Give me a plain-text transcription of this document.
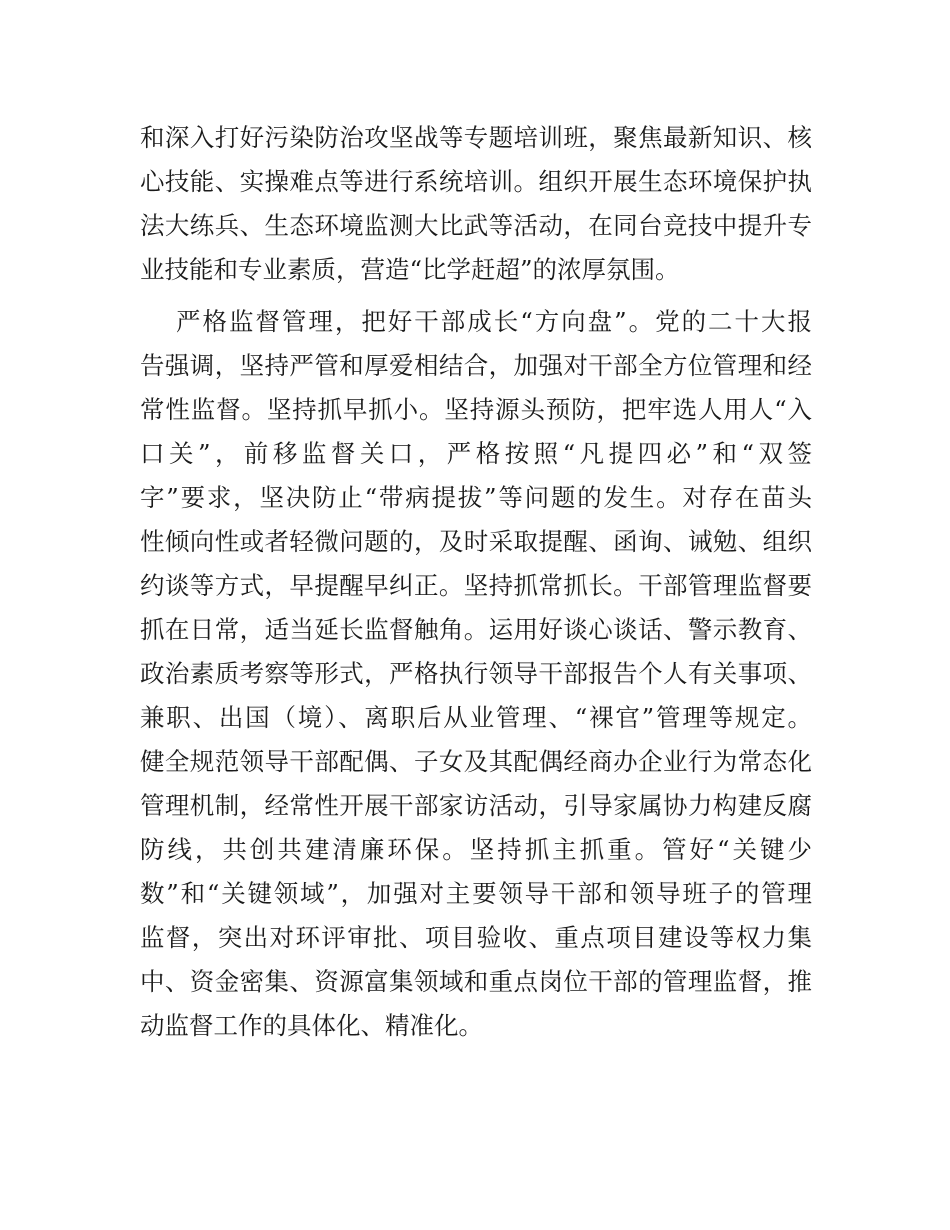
和深入打好污染防治攻坚战等专题培训班，聚焦最新知识、核
心技能、实操难点等进行系统培训。组织开展生态环境保护执
法大练兵、生态环境监测大比武等活动，在同台竞技中提升专
业技能和专业素质，营造“比学赶超”的浓厚氛围。
严格监督管理，把好干部成长“方向盘”。党的二十大报
告强调，坚持严管和厚爱相结合，加强对干部全方位管理和经
常性监督。坚持抓早抓小。坚持源头预防，把牢选人用人“入
口关”，前移监督关口，严格按照“凡提四必”和“双签
字”要求，坚决防止“带病提拔”等问题的发生。对存在苗头
性倾向性或者轻微问题的，及时采取提醒、函询、诫勉、组织
约谈等方式，早提醒早纠正。坚持抓常抓长。干部管理监督要
抓在日常，适当延长监督触角。运用好谈心谈话、警示教育、
政治素质考察等形式，严格执行领导干部报告个人有关事项、
兼职、出国（境）、离职后从业管理、“裸官”管理等规定。
健全规范领导干部配偶、子女及其配偶经商办企业行为常态化
管理机制，经常性开展干部家访活动，引导家属协力构建反腐
防线，共创共建清廉环保。坚持抓主抓重。管好“关键少
数”和“关键领域”，加强对主要领导干部和领导班子的管理
监督，突出对环评审批、项目验收、重点项目建设等权力集
中、资金密集、资源富集领域和重点岗位干部的管理监督，推
动监督工作的具体化、精准化。
